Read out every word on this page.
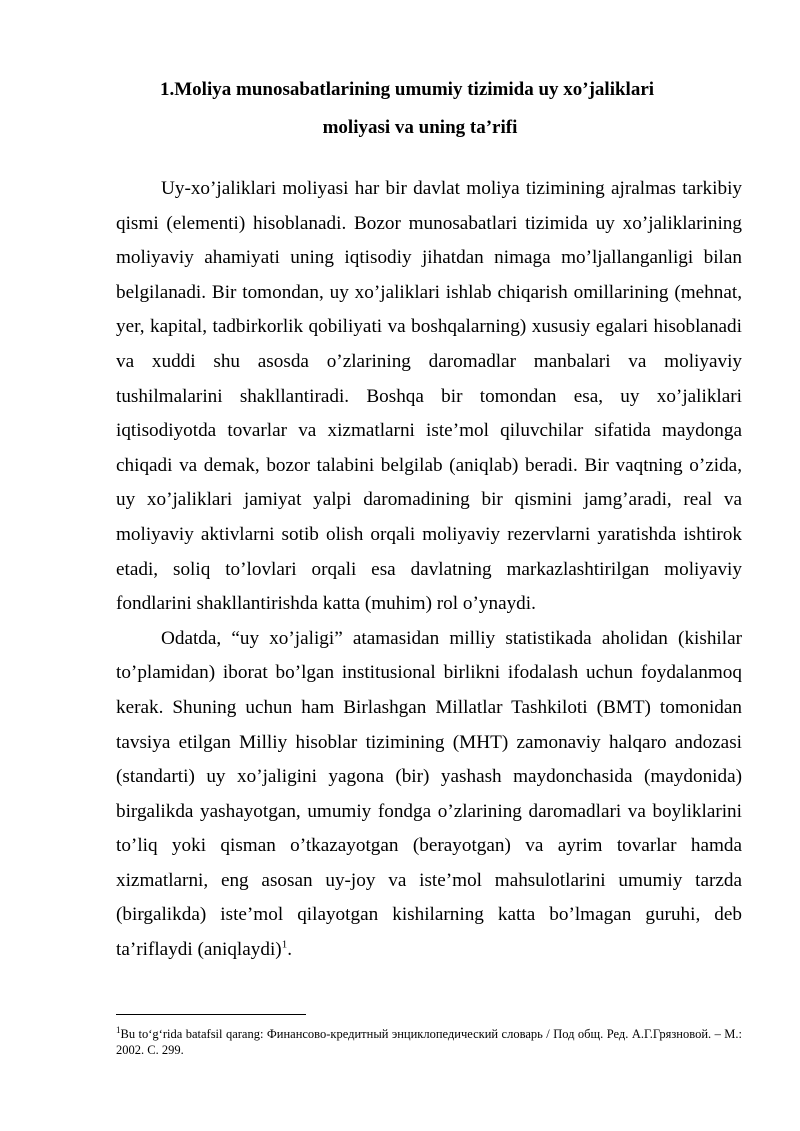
1.Moliya munosabatlarining umumiy tizimida uy xoʼjaliklari
moliyasi va uning taʼrifi

Uy-xo’jaliklari moliyasi har bir davlat moliya tizimining ajralmas tarkibiy qismi (elementi) hisoblanadi. Bozor munosabatlari tizimida uy xo’jaliklarining moliyaviy ahamiyati uning iqtisodiy jihatdan nimaga mo’ljallanganligi bilan belgilanadi. Bir tomondan, uy xo’jaliklari ishlab chiqarish omillarining (mehnat, yer, kapital, tadbirkorlik qobiliyati va boshqalarning) xususiy egalari hisoblanadi va xuddi shu asosda o’zlarining daromadlar manbalari va moliyaviy tushilmalarini shakllantiradi. Boshqa bir tomondan esa, uy xo’jaliklari iqtisodiyotda tovarlar va xizmatlarni iste’mol qiluvchilar sifatida maydonga chiqadi va demak, bozor talabini belgilab (aniqlab) beradi. Bir vaqtning o’zida, uy xo’jaliklari jamiyat yalpi daromadining bir qismini jamg’aradi, real va moliyaviy aktivlarni sotib olish orqali moliyaviy rezervlarni yaratishda ishtirok etadi, soliq to’lovlari orqali esa davlatning markazlashtirilgan moliyaviy fondlarini shakllantirishda katta (muhim) rol o’ynaydi.

Odatda, “uy xo’jaligi” atamasidan milliy statistikada aholidan (kishilar to’plamidan) iborat bo’lgan institusional birlikni ifodalash uchun foydalanmoq kerak. Shuning uchun ham Birlashgan Millatlar Tashkiloti (BMT) tomonidan tavsiya etilgan Milliy hisoblar tizimining (MHT) zamonaviy halqaro andozasi (standarti) uy xo’jaligini yagona (bir) yashash maydonchasida (maydonida) birgalikda yashayotgan, umumiy fondga o’zlarining daromadlari va boyliklarini to’liq yoki qisman o’tkazayotgan (berayotgan) va ayrim tovarlar hamda xizmatlarni, eng asosan uy-joy va iste’mol mahsulotlarini umumiy tarzda (birgalikda) iste’mol qilayotgan kishilarning katta bo’lmagan guruhi, deb ta’riflaydi (aniqlaydi)$^1$.

$^1$Bu to‘g‘rida batafsil qarang: Финансово-кредитный энциклопедический словарь / Под общ. Ред. А.Г.Грязновой. – М.: 2002. С. 299.
